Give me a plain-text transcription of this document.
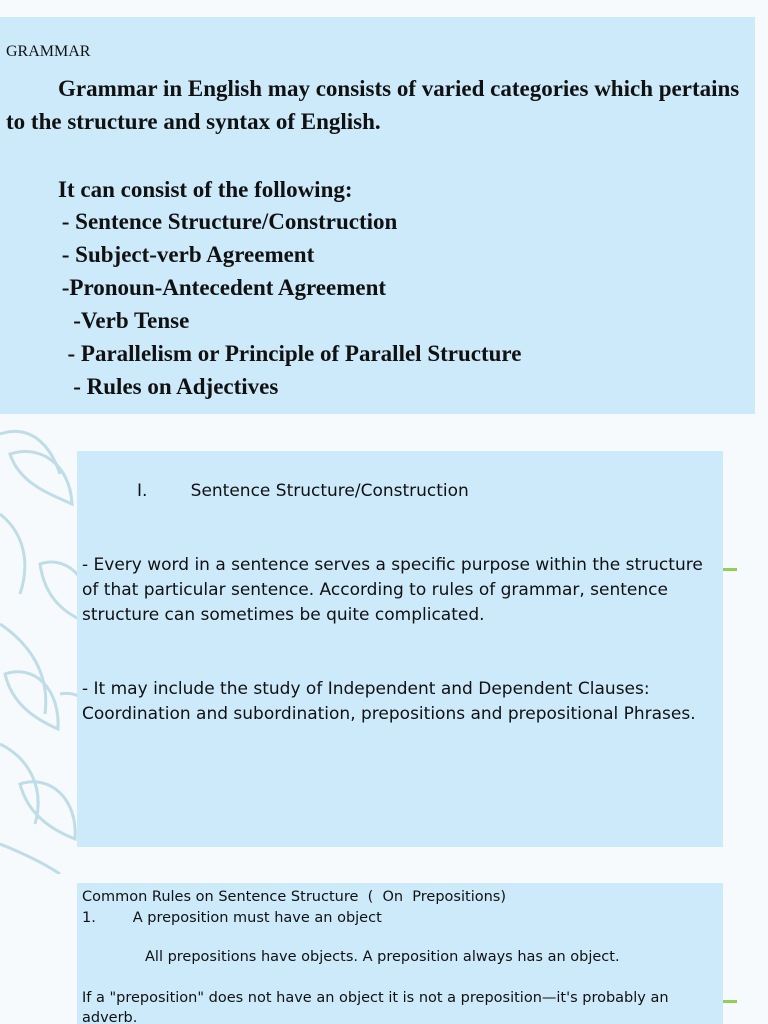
GRAMMAR

Grammar in English may consists of varied categories which pertains to the structure and syntax of English.

It can consist of the following:
- Sentence Structure/Construction
- Subject-verb Agreement
-Pronoun-Antecedent Agreement
-Verb Tense
- Parallelism or Principle of Parallel Structure
- Rules on Adjectives
I.        Sentence Structure/Construction

- Every word in a sentence serves a specific purpose within the structure of that particular sentence. According to rules of grammar, sentence structure can sometimes be quite complicated.

- It may include the study of Independent and Dependent Clauses: Coordination and subordination, prepositions and prepositional Phrases.

Common Rules on Sentence Structure  (  On  Prepositions)
1.        A preposition must have an object
All prepositions have objects. A preposition always has an object.

If a "preposition" does not have an object it is not a preposition—it's probably an adverb.
